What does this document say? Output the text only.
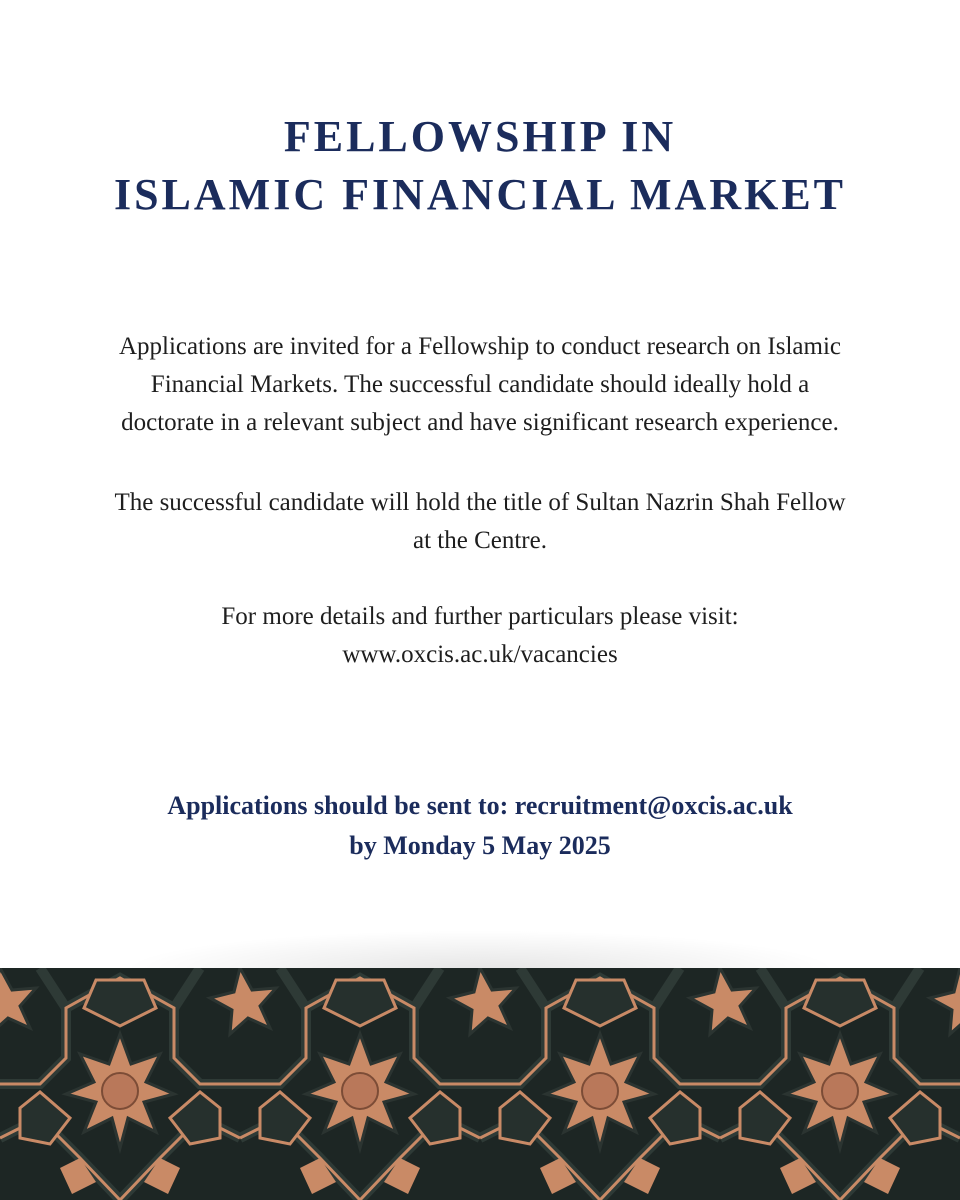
FELLOWSHIP IN
ISLAMIC FINANCIAL MARKET

Applications are invited for a Fellowship to conduct research on Islamic
Financial Markets. The successful candidate should ideally hold a
doctorate in a relevant subject and have significant research experience.

The successful candidate will hold the title of Sultan Nazrin Shah Fellow
at the Centre.

For more details and further particulars please visit:
www.oxcis.ac.uk/vacancies

Applications should be sent to: recruitment@oxcis.ac.uk
by Monday 5 May 2025
